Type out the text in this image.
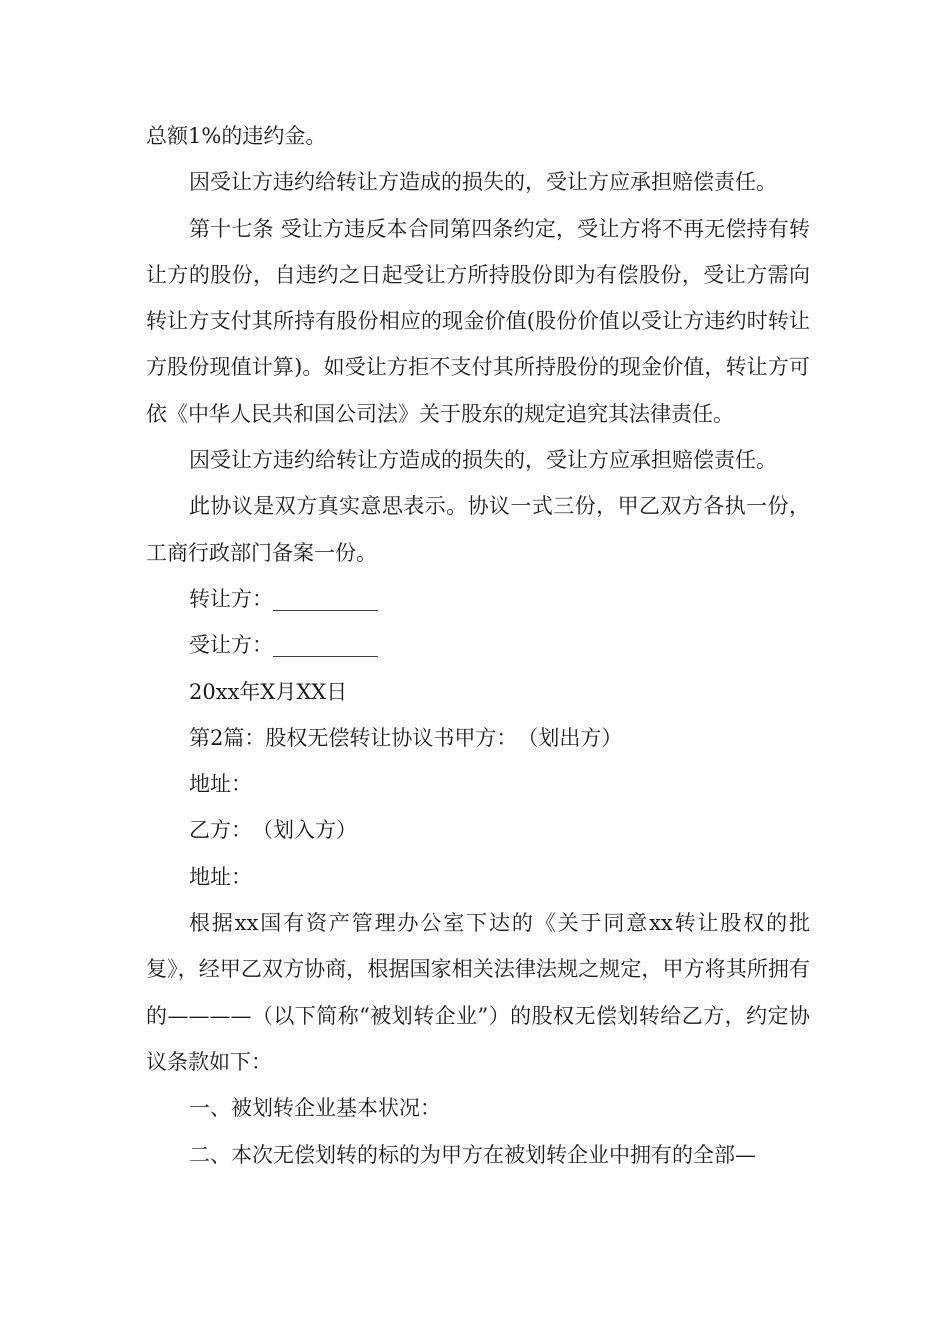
总额1%的违约金。

因受让方违约给转让方造成的损失的，受让方应承担赔偿责任。

第十七条 受让方违反本合同第四条约定，受让方将不再无偿持有转让方的股份，自违约之日起受让方所持股份即为有偿股份，受让方需向转让方支付其所持有股份相应的现金价值(股份价值以受让方违约时转让方股份现值计算)。如受让方拒不支付其所持股份的现金价值，转让方可依《中华人民共和国公司法》关于股东的规定追究其法律责任。

因受让方违约给转让方造成的损失的，受让方应承担赔偿责任。

此协议是双方真实意思表示。协议一式三份，甲乙双方各执一份，工商行政部门备案一份。

转让方：__________

受让方：__________

20xx年X月XX日

第2篇：股权无偿转让协议书甲方：　（划出方）

地址：

乙方：　（划入方）

地址：

根据xx国有资产管理办公室下达的《关于同意xx转让股权的批复》，经甲乙双方协商，根据国家相关法律法规之规定，甲方将其所拥有的————（以下简称“被划转企业”）的股权无偿划转给乙方，约定协议条款如下：

一、被划转企业基本状况：

二、本次无偿划转的标的为甲方在被划转企业中拥有的全部—
